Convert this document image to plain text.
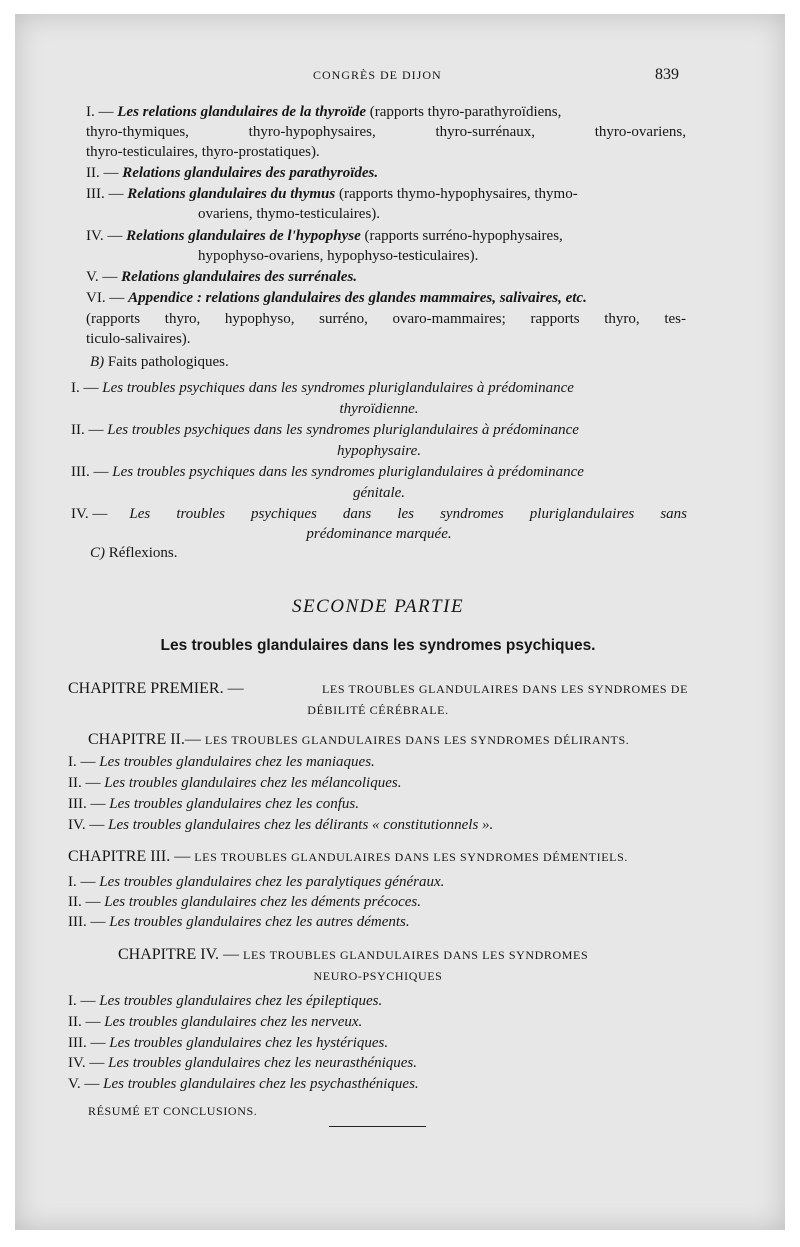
CONGRÈS DE DIJON	839
I. — Les relations glandulaires de la thyroïde (rapports thyro-parathyroïdiens,
thyro-thymiques, thyro-hypophysaires, thyro-surrénaux, thyro-ovariens,
thyro-testiculaires, thyro-prostatiques).
II. — Relations glandulaires des parathyroïdes.
III. — Relations glandulaires du thymus (rapports thymo-hypophysaires, thymo-
ovariens, thymo-testiculaires).
IV. — Relations glandulaires de l'hypophyse (rapports surréno-hypophysaires,
hypophyso-ovariens, hypophyso-testiculaires).
V. — Relations glandulaires des surrénales.
VI. — Appendice : relations glandulaires des glandes mammaires, salivaires, etc.
(rapports thyro, hypophyso, surréno, ovaro-mammaires; rapports thyro, tes-
ticulo-salivaires).
B) Faits pathologiques.
I. — Les troubles psychiques dans les syndromes pluriglandulaires à prédominance
thyroïdienne.
II. — Les troubles psychiques dans les syndromes pluriglandulaires à prédominance
hypophysaire.
III. — Les troubles psychiques dans les syndromes pluriglandulaires à prédominance
génitale.
IV. —	Les troubles psychiques dans les syndromes pluriglandulaires sans
prédominance marquée.
C) Réflexions.
SECONDE PARTIE
Les troubles glandulaires dans les syndromes psychiques.
CHAPITRE PREMIER. —	LES TROUBLES GLANDULAIRES DANS LES SYNDROMES DE
DÉBILITÉ CÉRÉBRALE.
CHAPITRE II.— LES TROUBLES GLANDULAIRES DANS LES SYNDROMES DÉLIRANTS.
I. — Les troubles glandulaires chez les maniaques.
II. — Les troubles glandulaires chez les mélancoliques.
III. — Les troubles glandulaires chez les confus.
IV. — Les troubles glandulaires chez les délirants « constitutionnels ».
CHAPITRE III. — LES TROUBLES GLANDULAIRES DANS LES SYNDROMES DÉMENTIELS.
I. — Les troubles glandulaires chez les paralytiques généraux.
II. — Les troubles glandulaires chez les déments précoces.
III. — Les troubles glandulaires chez les autres déments.
CHAPITRE IV. — LES TROUBLES GLANDULAIRES DANS LES SYNDROMES
NEURO-PSYCHIQUES
I. — Les troubles glandulaires chez les épileptiques.
II. — Les troubles glandulaires chez les nerveux.
III. — Les troubles glandulaires chez les hystériques.
IV. — Les troubles glandulaires chez les neurasthéniques.
V. — Les troubles glandulaires chez les psychasthéniques.
RÉSUMÉ ET CONCLUSIONS.
